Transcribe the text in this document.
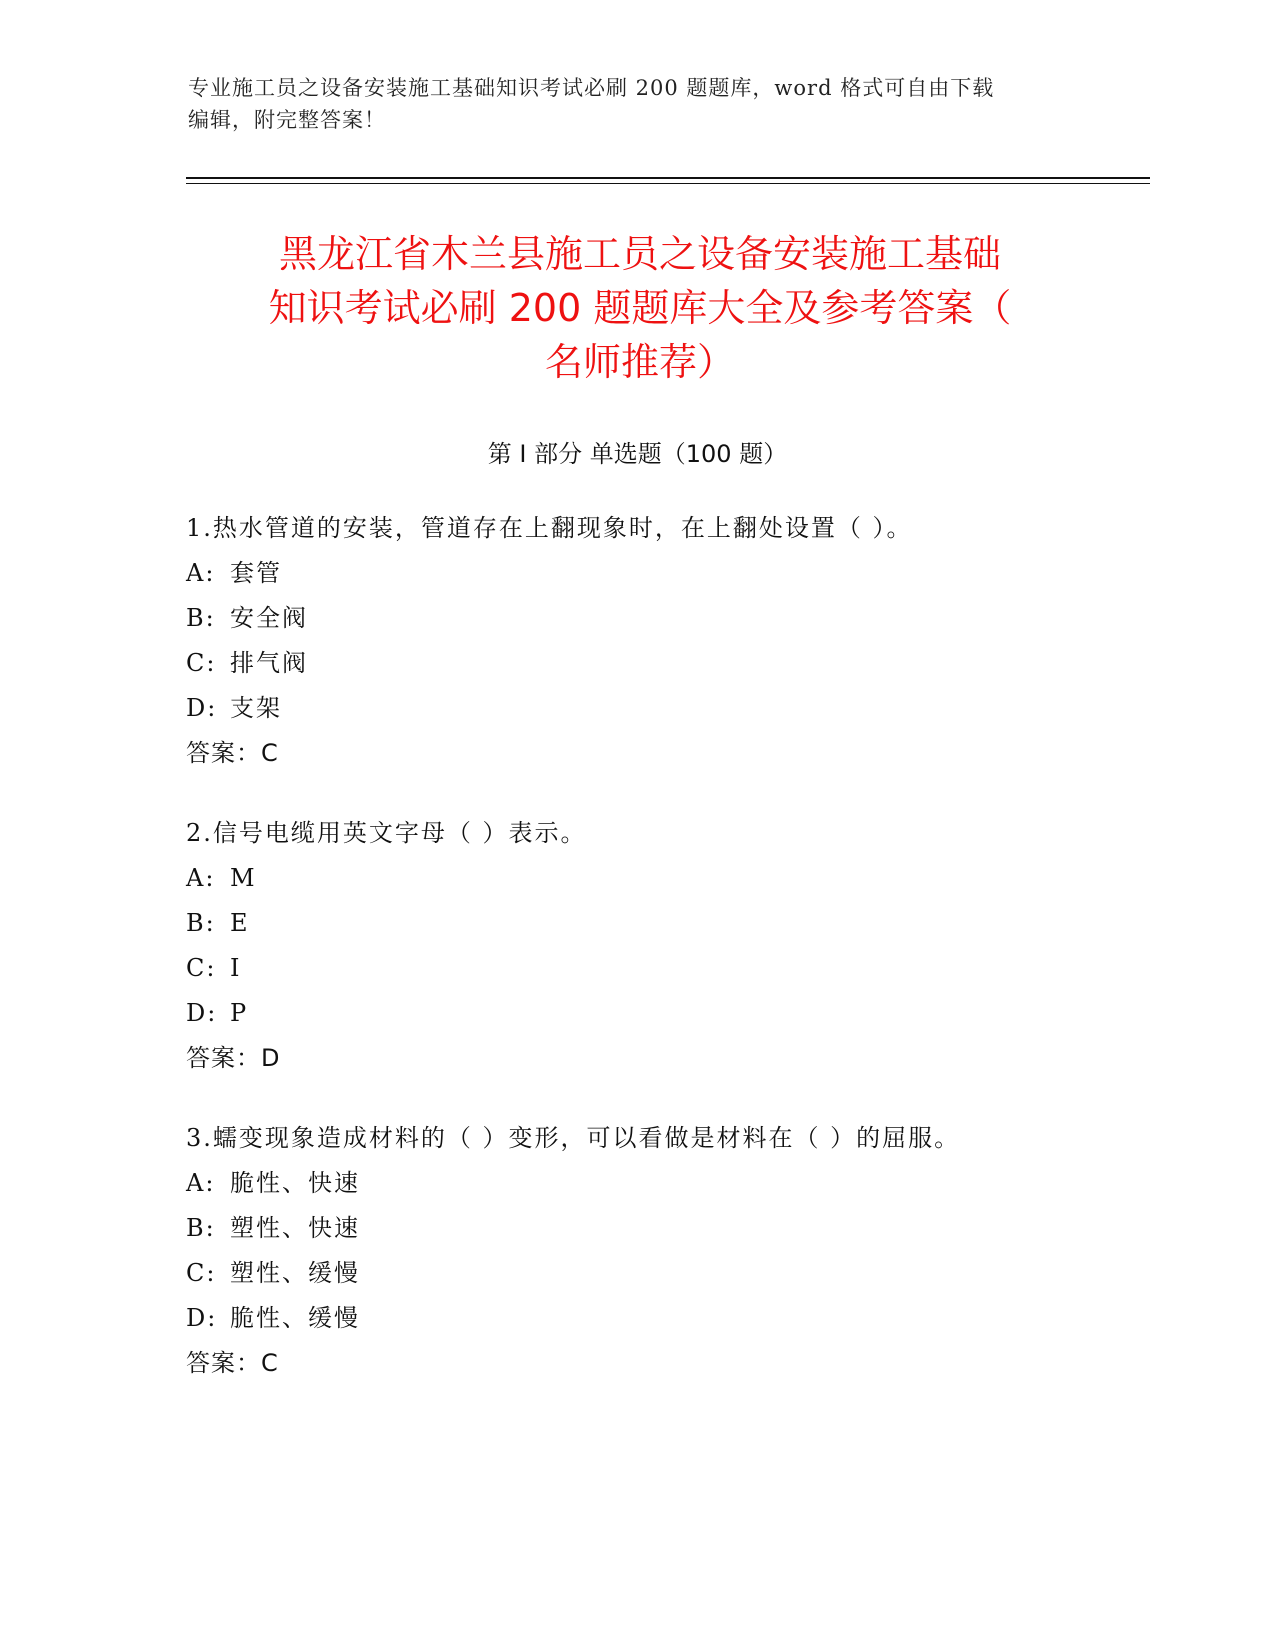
专业施工员之设备安装施工基础知识考试必刷 200 题题库，word 格式可自由下载
编辑，附完整答案！
黑龙江省木兰县施工员之设备安装施工基础
知识考试必刷 200 题题库大全及参考答案（
名师推荐）
第 I 部分 单选题（100 题）
1.热水管道的安装，管道存在上翻现象时，在上翻处设置（ ）。
A: 套管
B: 安全阀
C: 排气阀
D: 支架
答案：C
2.信号电缆用英文字母（ ）表示。
A: M
B: E
C: I
D: P
答案：D
3.蠕变现象造成材料的（ ）变形，可以看做是材料在（ ）的屈服。
A: 脆性、快速
B: 塑性、快速
C: 塑性、缓慢
D: 脆性、缓慢
答案：C
